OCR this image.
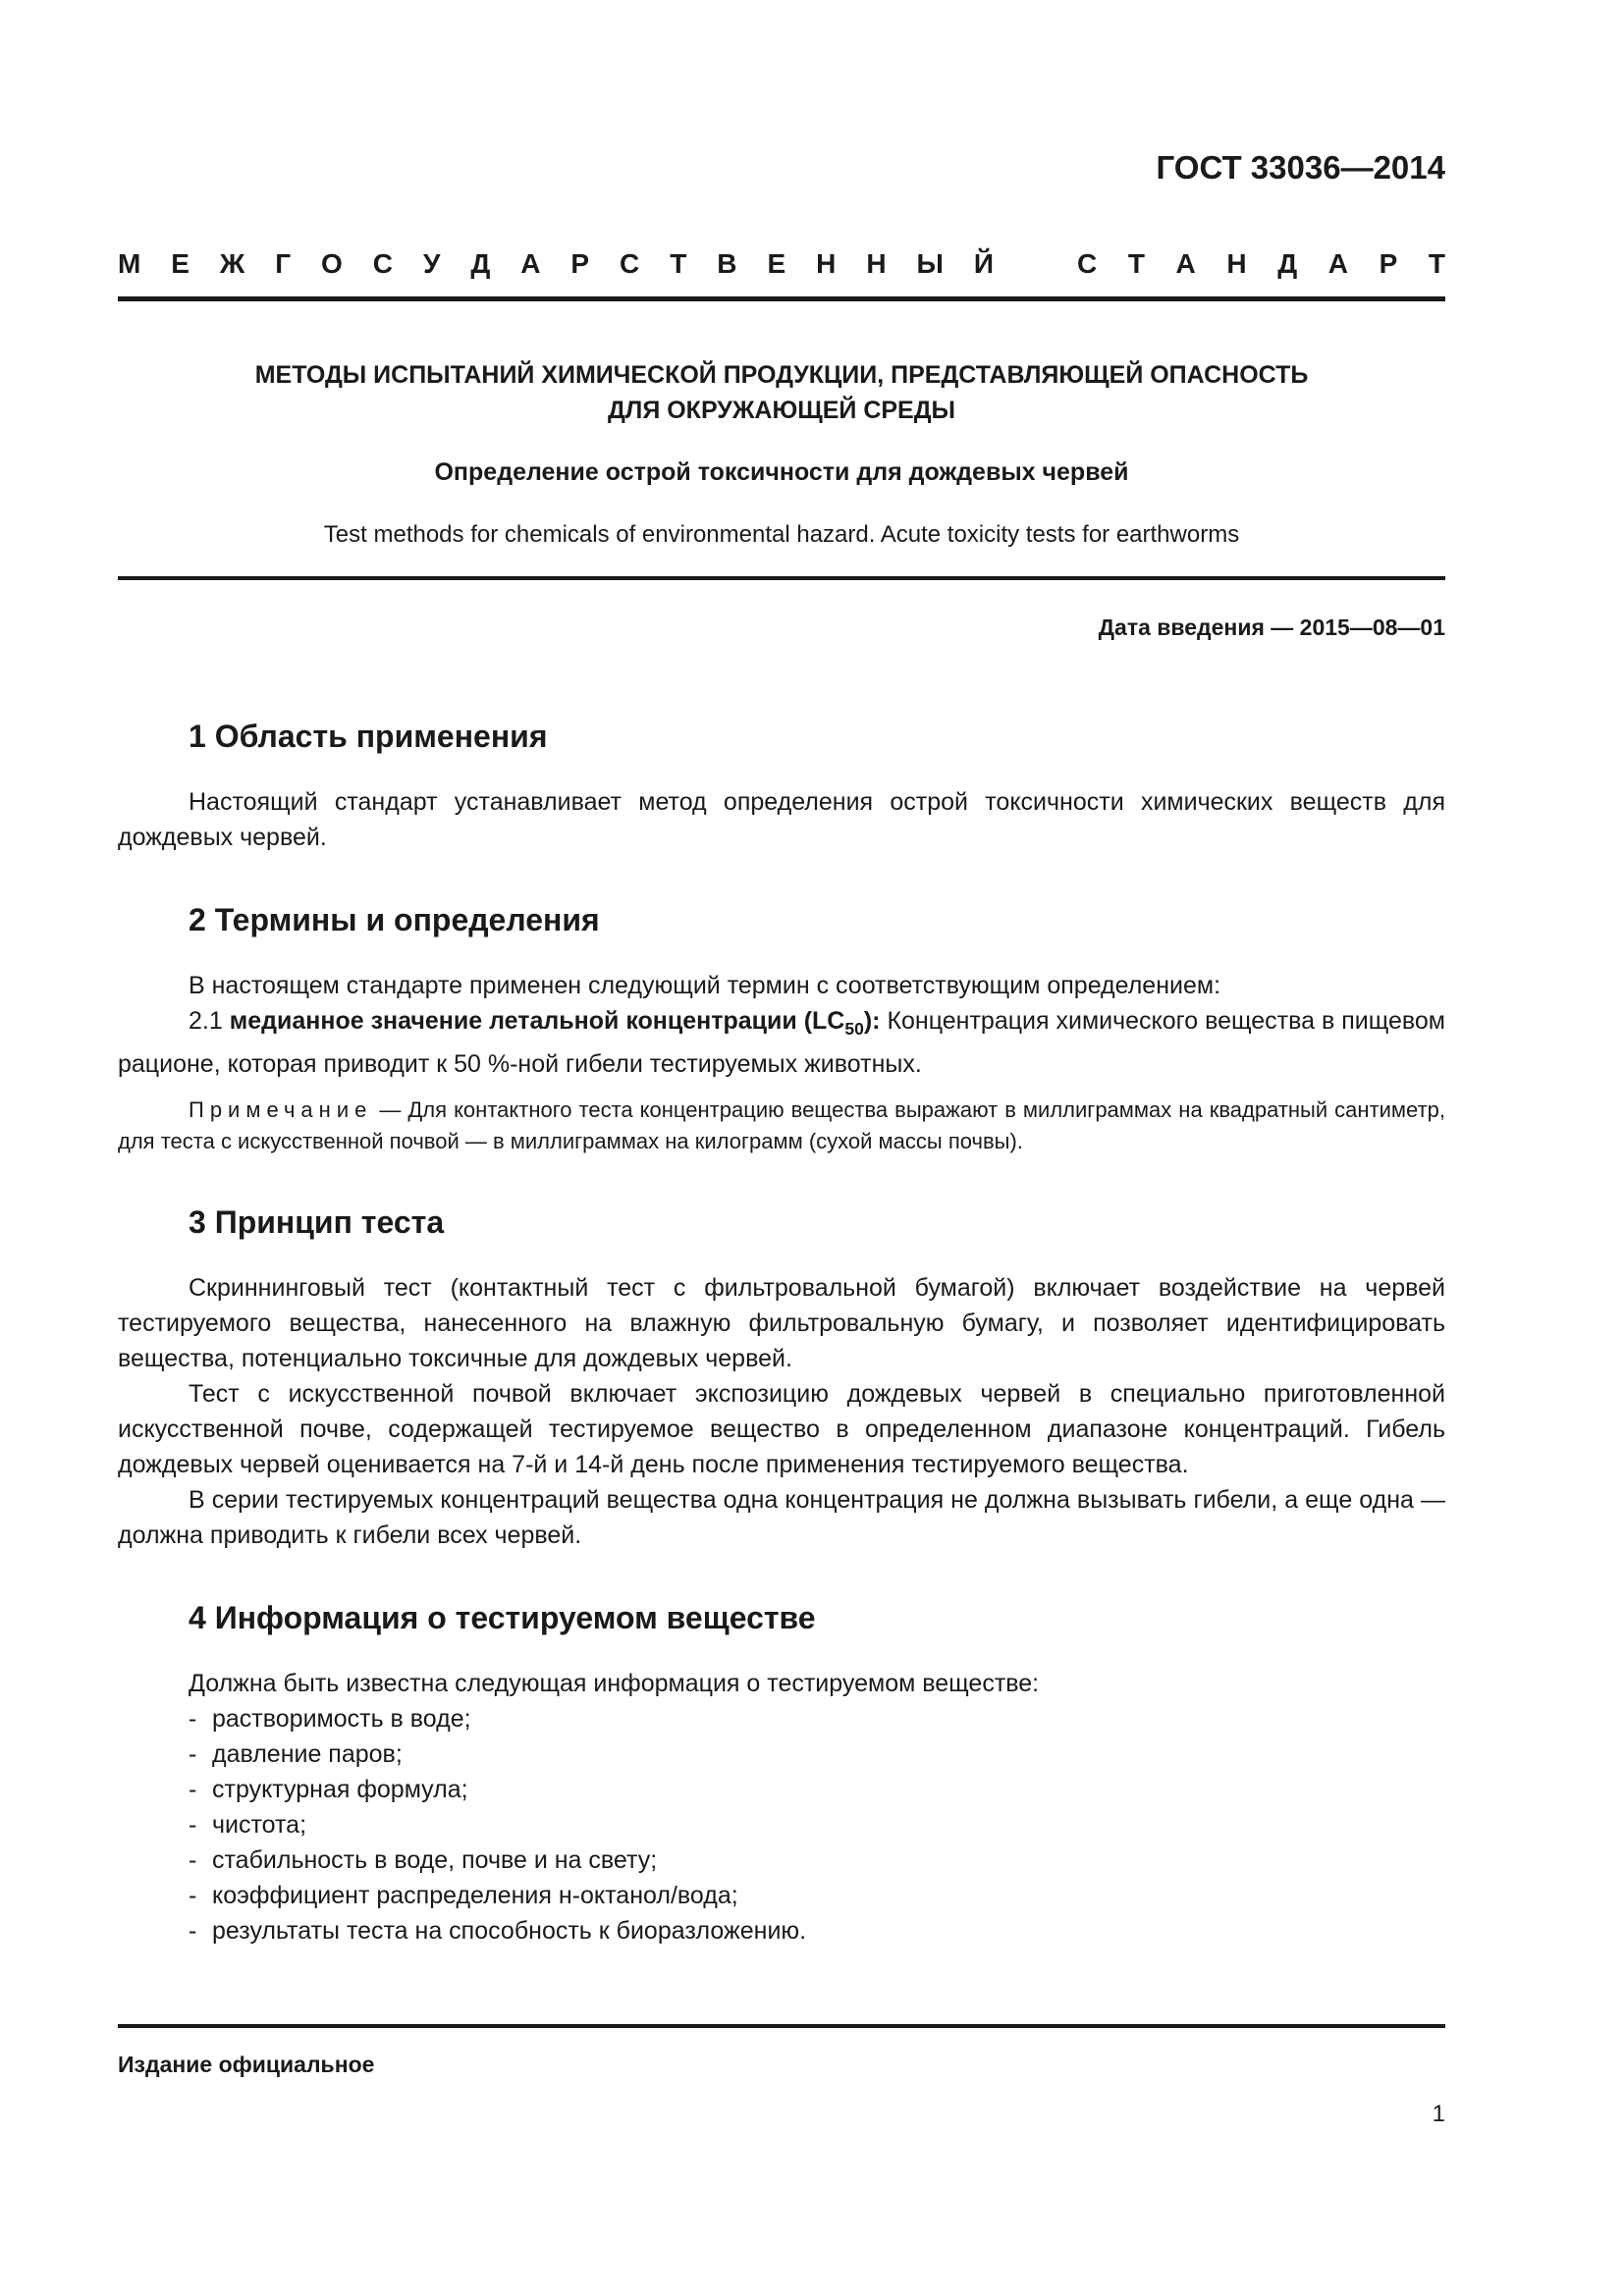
ГОСТ 33036—2014
М Е Ж Г О С У Д А Р С Т В Е Н Н Ы Й	С Т А Н Д А Р Т
МЕТОДЫ ИСПЫТАНИЙ ХИМИЧЕСКОЙ ПРОДУКЦИИ, ПРЕДСТАВЛЯЮЩЕЙ ОПАСНОСТЬ
ДЛЯ ОКРУЖАЮЩЕЙ СРЕДЫ
Определение острой токсичности для дождевых червей
Test methods for chemicals of environmental hazard. Acute toxicity tests for earthworms
Дата введения — 2015—08—01
1 Область применения

Настоящий стандарт устанавливает метод определения острой токсичности химических веществ для дождевых червей.

2 Термины и определения

В настоящем стандарте применен следующий термин с соответствующим определением:

2.1 медианное значение летальной концентрации $(LC_{50})$: Концентрация химического вещества в пищевом рационе, которая приводит к 50 %-ной гибели тестируемых животных.

Примечание — Для контактного теста концентрацию вещества выражают в миллиграммах на квадратный сантиметр, для теста с искусственной почвой — в миллиграммах на килограмм (сухой массы почвы).

3 Принцип теста

Скриннинговый тест (контактный тест с фильтровальной бумагой) включает воздействие на червей тестируемого вещества, нанесенного на влажную фильтровальную бумагу, и позволяет идентифицировать вещества, потенциально токсичные для дождевых червей.

Тест с искусственной почвой включает экспозицию дождевых червей в специально приготовленной искусственной почве, содержащей тестируемое вещество в определенном диапазоне концентраций. Гибель дождевых червей оценивается на 7-й и 14-й день после применения тестируемого вещества.

В серии тестируемых концентраций вещества одна концентрация не должна вызывать гибели, а еще одна — должна приводить к гибели всех червей.

4 Информация о тестируемом веществе

Должна быть известна следующая информация о тестируемом веществе:

- растворимость в воде;
- давление паров;
- структурная формула;
- чистота;
- стабильность в воде, почве и на свету;
- коэффициент распределения н-октанол/вода;
- результаты теста на способность к биоразложению.
Издание официальное
1
